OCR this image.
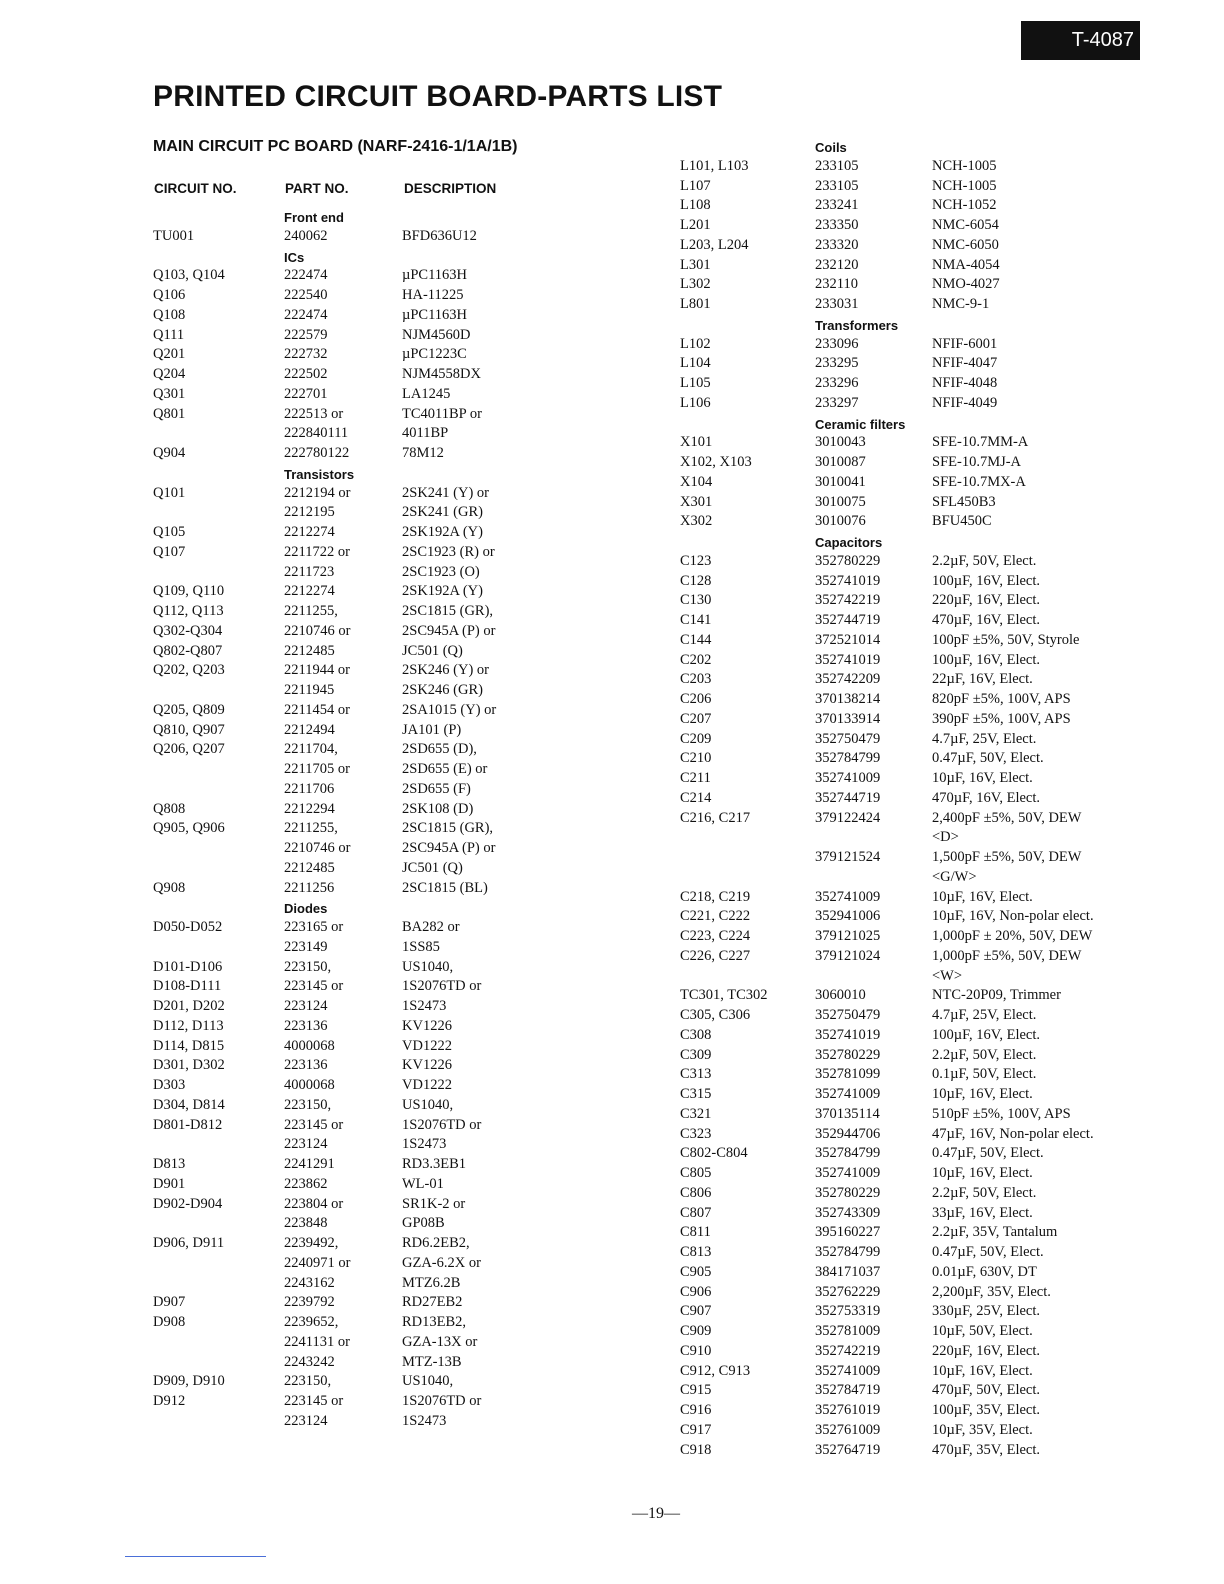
T-4087
PRINTED CIRCUIT BOARD-PARTS LIST
MAIN CIRCUIT PC BOARD (NARF-2416-1/1A/1B)
CIRCUIT NO.	PART NO.	DESCRIPTION
Front end
TU001	240062	BFD636U12
ICs
Q103, Q104	222474	µPC1163H
Q106	222540	HA-11225
Q108	222474	µPC1163H
Q111	222579	NJM4560D
Q201	222732	µPC1223C
Q204	222502	NJM4558DX
Q301	222701	LA1245
Q801	222513 or	TC4011BP or
222840111	4011BP
Q904	222780122	78M12
Transistors
Q101	2212194 or	2SK241 (Y) or
2212195	2SK241 (GR)
Q105	2212274	2SK192A (Y)
Q107	2211722 or	2SC1923 (R) or
2211723	2SC1923 (O)
Q109, Q110	2212274	2SK192A (Y)
Q112, Q113	2211255,	2SC1815 (GR),
Q302-Q304	2210746 or	2SC945A (P) or
Q802-Q807	2212485	JC501 (Q)
Q202, Q203	2211944 or	2SK246 (Y) or
2211945	2SK246 (GR)
Q205, Q809	2211454 or	2SA1015 (Y) or
Q810, Q907	2212494	JA101 (P)
Q206, Q207	2211704,	2SD655 (D),
2211705 or	2SD655 (E) or
2211706	2SD655 (F)
Q808	2212294	2SK108 (D)
Q905, Q906	2211255,	2SC1815 (GR),
2210746 or	2SC945A (P) or
2212485	JC501 (Q)
Q908	2211256	2SC1815 (BL)
Diodes
D050-D052	223165 or	BA282 or
223149	1SS85
D101-D106	223150,	US1040,
D108-D111	223145 or	1S2076TD or
D201, D202	223124	1S2473
D112, D113	223136	KV1226
D114, D815	4000068	VD1222
D301, D302	223136	KV1226
D303	4000068	VD1222
D304, D814	223150,	US1040,
D801-D812	223145 or	1S2076TD or
223124	1S2473
D813	2241291	RD3.3EB1
D901	223862	WL-01
D902-D904	223804 or	SR1K-2 or
223848	GP08B
D906, D911	2239492,	RD6.2EB2,
2240971 or	GZA-6.2X or
2243162	MTZ6.2B
D907	2239792	RD27EB2
D908	2239652,	RD13EB2,
2241131 or	GZA-13X or
2243242	MTZ-13B
D909, D910	223150,	US1040,
D912	223145 or	1S2076TD or
223124	1S2473
Coils
L101, L103	233105	NCH-1005
L107	233105	NCH-1005
L108	233241	NCH-1052
L201	233350	NMC-6054
L203, L204	233320	NMC-6050
L301	232120	NMA-4054
L302	232110	NMO-4027
L801	233031	NMC-9-1
Transformers
L102	233096	NFIF-6001
L104	233295	NFIF-4047
L105	233296	NFIF-4048
L106	233297	NFIF-4049
Ceramic filters
X101	3010043	SFE-10.7MM-A
X102, X103	3010087	SFE-10.7MJ-A
X104	3010041	SFE-10.7MX-A
X301	3010075	SFL450B3
X302	3010076	BFU450C
Capacitors
C123	352780229	2.2µF, 50V, Elect.
C128	352741019	100µF, 16V, Elect.
C130	352742219	220µF, 16V, Elect.
C141	352744719	470µF, 16V, Elect.
C144	372521014	100pF ±5%, 50V, Styrole
C202	352741019	100µF, 16V, Elect.
C203	352742209	22µF, 16V, Elect.
C206	370138214	820pF ±5%, 100V, APS
C207	370133914	390pF ±5%, 100V, APS
C209	352750479	4.7µF, 25V, Elect.
C210	352784799	0.47µF, 50V, Elect.
C211	352741009	10µF, 16V, Elect.
C214	352744719	470µF, 16V, Elect.
C216, C217	379122424	2,400pF ±5%, 50V, DEW
<D>
379121524	1,500pF ±5%, 50V, DEW
<G/W>
C218, C219	352741009	10µF, 16V, Elect.
C221, C222	352941006	10µF, 16V, Non-polar elect.
C223, C224	379121025	1,000pF ± 20%, 50V, DEW
C226, C227	379121024	1,000pF ±5%, 50V, DEW
<W>
TC301, TC302	3060010	NTC-20P09, Trimmer
C305, C306	352750479	4.7µF, 25V, Elect.
C308	352741019	100µF, 16V, Elect.
C309	352780229	2.2µF, 50V, Elect.
C313	352781099	0.1µF, 50V, Elect.
C315	352741009	10µF, 16V, Elect.
C321	370135114	510pF ±5%, 100V, APS
C323	352944706	47µF, 16V, Non-polar elect.
C802-C804	352784799	0.47µF, 50V, Elect.
C805	352741009	10µF, 16V, Elect.
C806	352780229	2.2µF, 50V, Elect.
C807	352743309	33µF, 16V, Elect.
C811	395160227	2.2µF, 35V, Tantalum
C813	352784799	0.47µF, 50V, Elect.
C905	384171037	0.01µF, 630V, DT
C906	352762229	2,200µF, 35V, Elect.
C907	352753319	330µF, 25V, Elect.
C909	352781009	10µF, 50V, Elect.
C910	352742219	220µF, 16V, Elect.
C912, C913	352741009	10µF, 16V, Elect.
C915	352784719	470µF, 50V, Elect.
C916	352761019	100µF, 35V, Elect.
C917	352761009	10µF, 35V, Elect.
C918	352764719	470µF, 35V, Elect.
—19—
